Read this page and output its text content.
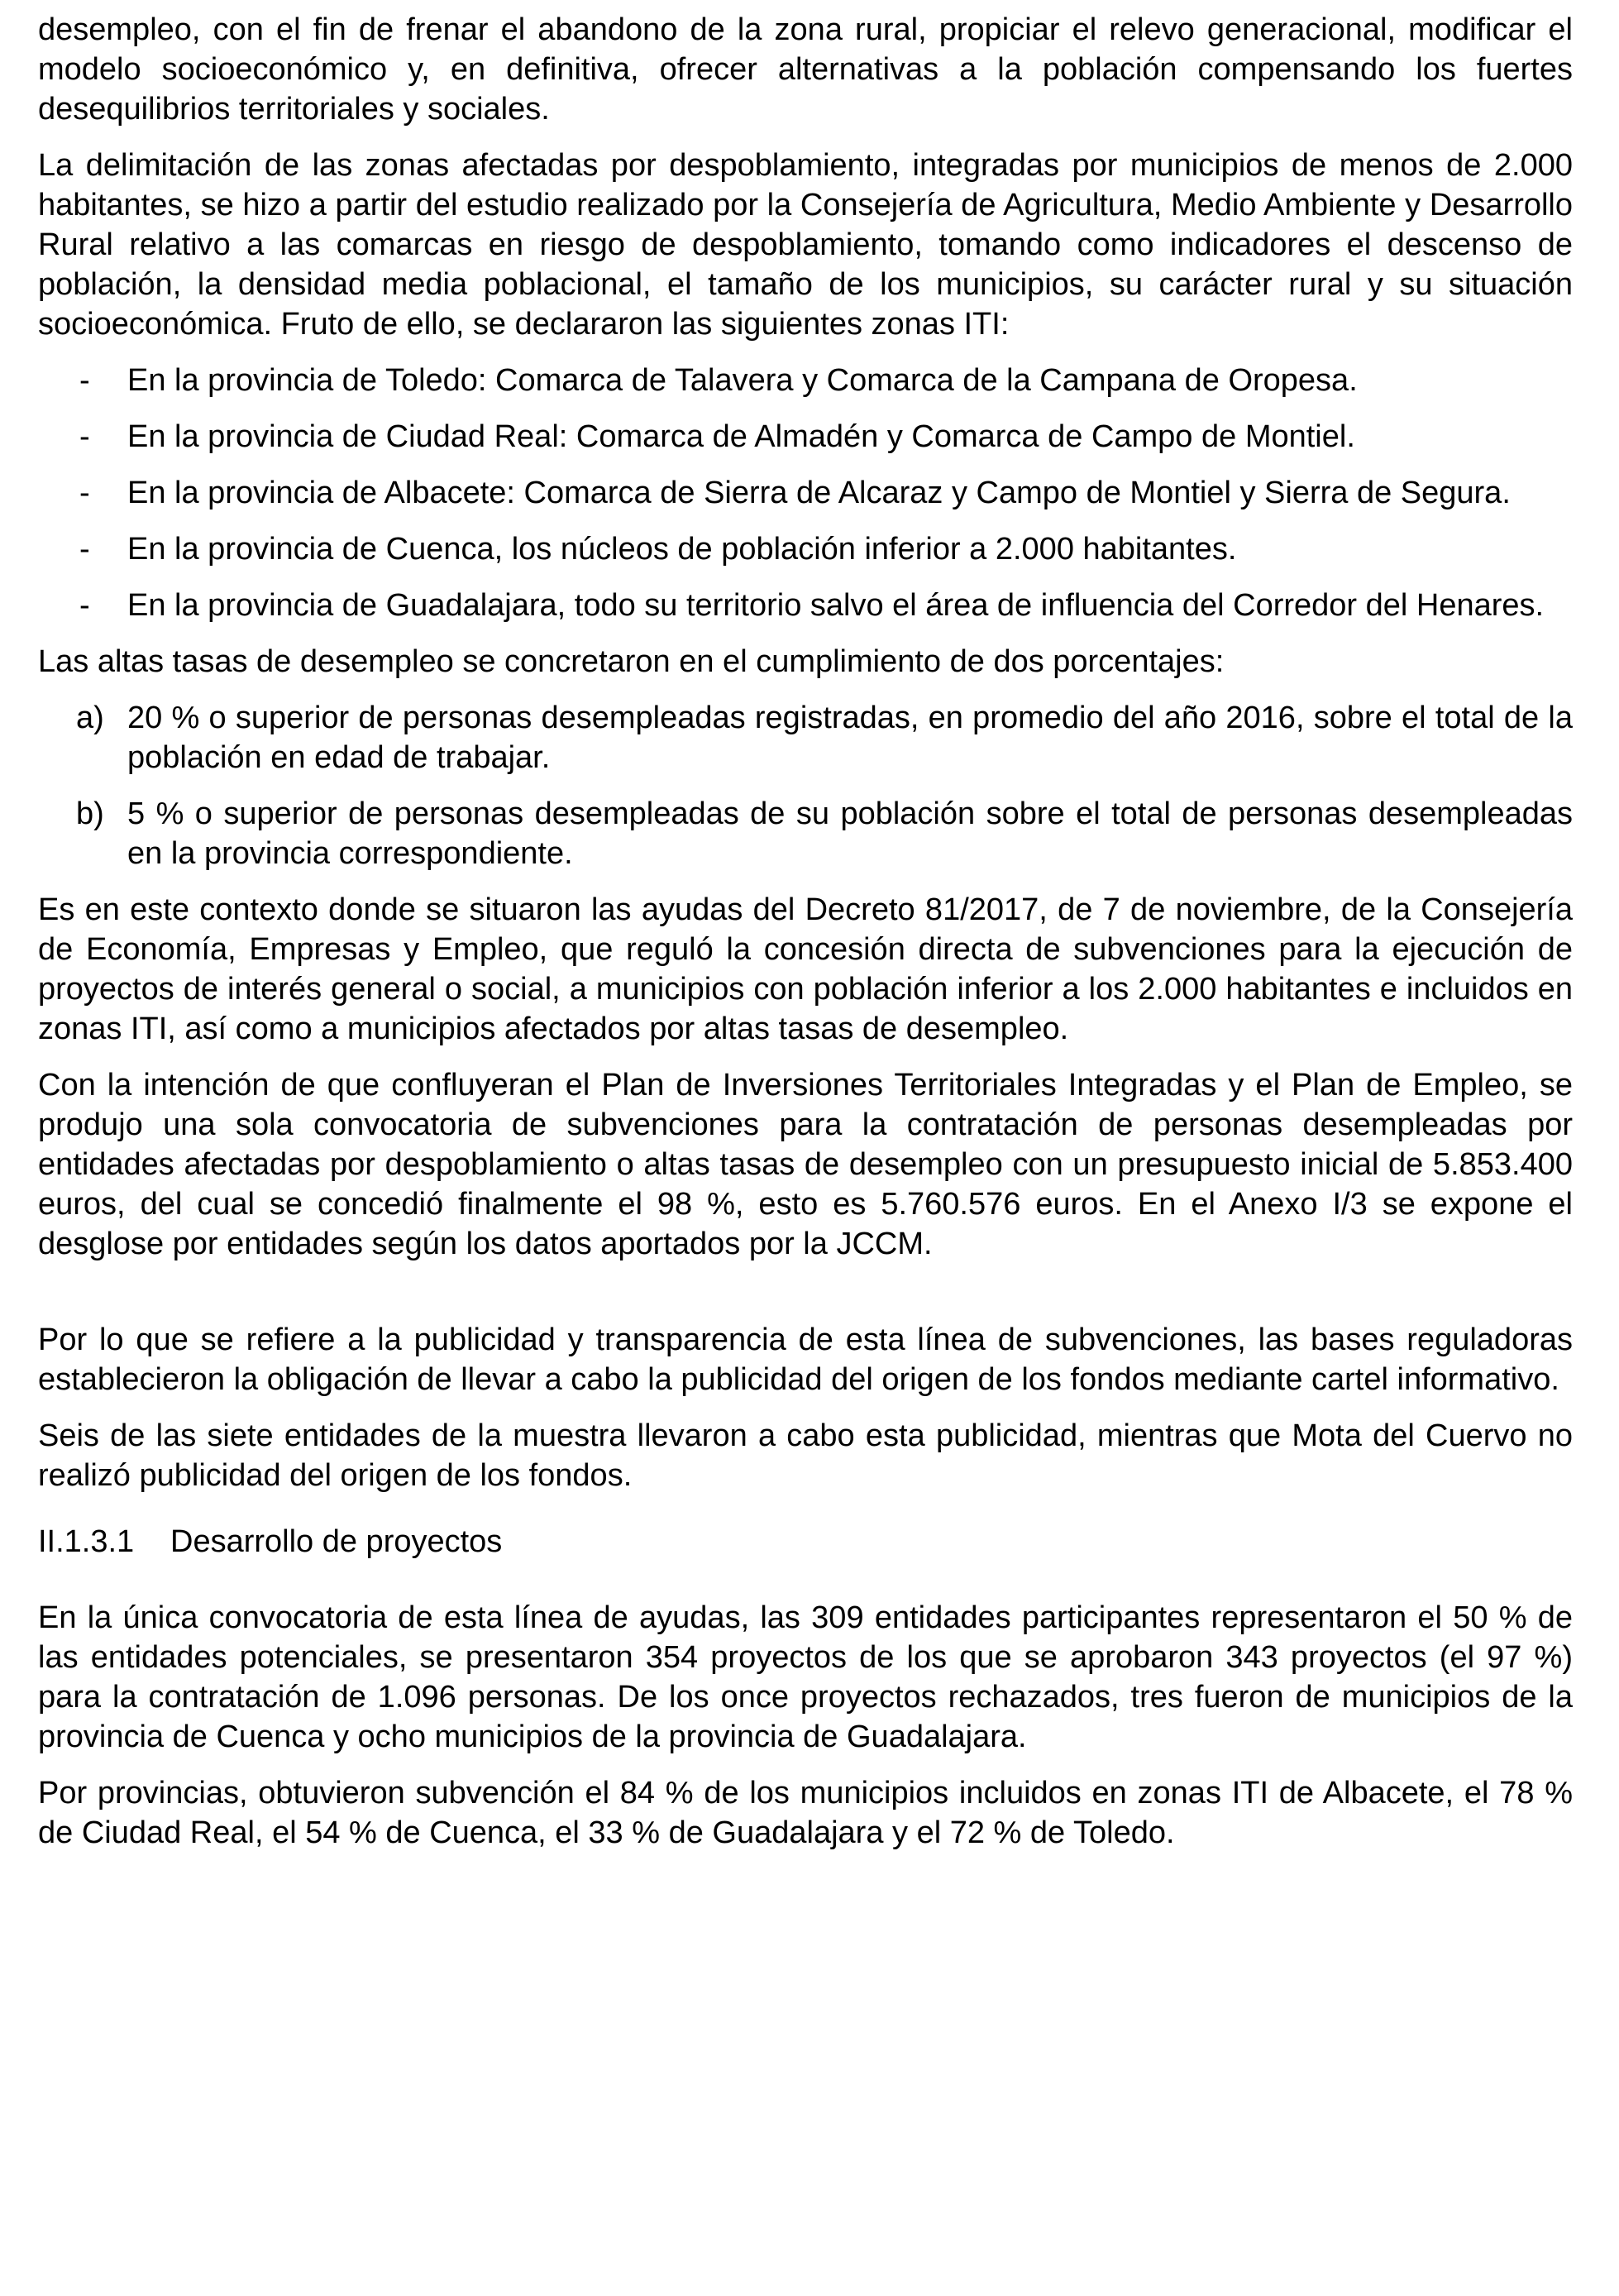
desempleo, con el fin de frenar el abandono de la zona rural, propiciar el relevo generacional, modificar el modelo socioeconómico y, en definitiva, ofrecer alternativas a la población compensando los fuertes desequilibrios territoriales y sociales.

La delimitación de las zonas afectadas por despoblamiento, integradas por municipios de menos de 2.000 habitantes, se hizo a partir del estudio realizado por la Consejería de Agricultura, Medio Ambiente y Desarrollo Rural relativo a las comarcas en riesgo de despoblamiento, tomando como indicadores el descenso de población, la densidad media poblacional, el tamaño de los municipios, su carácter rural y su situación socioeconómica. Fruto de ello, se declararon las siguientes zonas ITI:

- En la provincia de Toledo: Comarca de Talavera y Comarca de la Campana de Oropesa.
- En la provincia de Ciudad Real: Comarca de Almadén y Comarca de Campo de Montiel.
- En la provincia de Albacete: Comarca de Sierra de Alcaraz y Campo de Montiel y Sierra de Segura.
- En la provincia de Cuenca, los núcleos de población inferior a 2.000 habitantes.
- En la provincia de Guadalajara, todo su territorio salvo el área de influencia del Corredor del Henares.

Las altas tasas de desempleo se concretaron en el cumplimiento de dos porcentajes:

a) 20 % o superior de personas desempleadas registradas, en promedio del año 2016, sobre el total de la población en edad de trabajar.
b) 5 % o superior de personas desempleadas de su población sobre el total de personas desempleadas en la provincia correspondiente.

Es en este contexto donde se situaron las ayudas del Decreto 81/2017, de 7 de noviembre, de la Consejería de Economía, Empresas y Empleo, que reguló la concesión directa de subvenciones para la ejecución de proyectos de interés general o social, a municipios con población inferior a los 2.000 habitantes e incluidos en zonas ITI, así como a municipios afectados por altas tasas de desempleo.

Con la intención de que confluyeran el Plan de Inversiones Territoriales Integradas y el Plan de Empleo, se produjo una sola convocatoria de subvenciones para la contratación de personas desempleadas por entidades afectadas por despoblamiento o altas tasas de desempleo con un presupuesto inicial de 5.853.400 euros, del cual se concedió finalmente el 98 %, esto es 5.760.576 euros. En el Anexo I/3 se expone el desglose por entidades según los datos aportados por la JCCM.

Por lo que se refiere a la publicidad y transparencia de esta línea de subvenciones, las bases reguladoras establecieron la obligación de llevar a cabo la publicidad del origen de los fondos mediante cartel informativo.

Seis de las siete entidades de la muestra llevaron a cabo esta publicidad, mientras que Mota del Cuervo no realizó publicidad del origen de los fondos.

II.1.3.1 Desarrollo de proyectos

En la única convocatoria de esta línea de ayudas, las 309 entidades participantes representaron el 50 % de las entidades potenciales, se presentaron 354 proyectos de los que se aprobaron 343 proyectos (el 97 %) para la contratación de 1.096 personas. De los once proyectos rechazados, tres fueron de municipios de la provincia de Cuenca y ocho municipios de la provincia de Guadalajara.

Por provincias, obtuvieron subvención el 84 % de los municipios incluidos en zonas ITI de Albacete, el 78 % de Ciudad Real, el 54 % de Cuenca, el 33 % de Guadalajara y el 72 % de Toledo.
